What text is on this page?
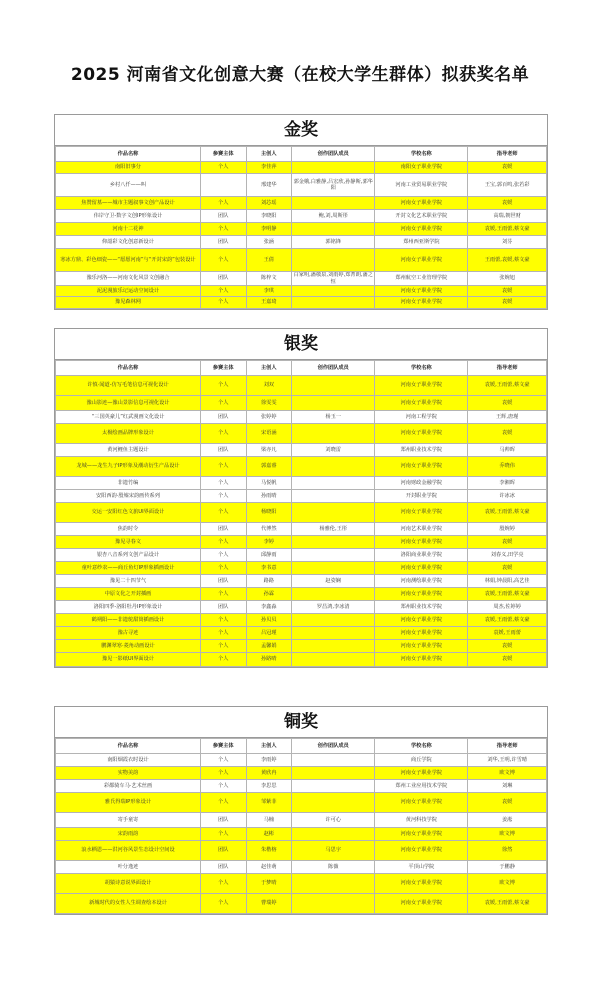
2025 河南省文化创意大赛（在校大学生群体）拟获奖名单
金奖
作品名称	参赛主体	主创人	创作团队成员	学校名称	指导老师
南阳旧事分	个人	李佳萍		南阳女子职业学院	袁媛
乡村八仟——叫		邢建华	郭金娥,白雅静,吕宏欣,孙静斯,郭华阳	河南工业贸易职业学院	王宝,郭百鸣,张若彩
焦赞留墓——城市主题叙事文创产品设计	个人	刘芯瑶		河南女子职业学院	袁媛
伟岸守卫-数字文创IP形象设计	团队	李晓阳	鲍,刘,周斯彤	开封文化艺术职业学院	高瑞,朝世财
河南十二花神	个人	李明静		河南女子职业学院	袁媛,王雨蕾,蔡文豪
仰韶彩文化创意新设计	团队	张涵	郭铭锋	郑州西亚斯学院	刘芬
寒冰方鼎、彩色细瓷——“愿愿河南”与“开封宋韵”包装设计	个人	王倩		河南女子职业学院	王雨蕾,袁媛,蔡文豪
豫乐河洛——河南文化风景文创融合	团队	陈梓文	白家明,潘敬泉,刘雨婷,郑菁朗,潘之恒	郑州航空工业管理学院	张婉旭
泥泥漫旅乐记运动空间设计	个人	李琪		河南女子职业学院	袁媛
豫见森林网	个人	王嘉琦		河南女子职业学院	袁媛
银奖
作品名称	参赛主体	主创人	创作团队成员	学校名称	指导老师
许慎·闻道-仿写毛笔信息可视化设计	个人	刘双		河南女子职业学院	袁媛,王雨蕾,蔡文豪
豫山影迹—豫山景影信息可视化设计	个人	徐雯雯		河南女子职业学院	袁媛
“三国英豪儿”红武漫画文化设计	团队	张婷婷	杨玉一	河南工程学院	王辉,唐瑾
太极绘画品牌形象设计	个人	宋语涵		河南女子职业学院	袁媛
黄河鲤鱼主题设计	团队	梁亦凡	刘晓雷	郑州职业技术学院	马帅晖
龙城——龙生九子IP形象及潮动衍生产品设计	个人	郭嘉睿		河南女子职业学院	乔晓伟
非遗竹编	个人	马悦帆		河南财政金融学院	李湘晖
安阳西韵·殷墟宋韵画传系列	个人	孙雨晴		开封职业学院	许冰冰
交运一安阳红色文旅UI界面设计	个人	杨晓阳		河南女子职业学院	袁媛,王雨蕾,蔡文豪
焦韵时令	团队	代博然	杨雅伦,王彤	河南艺术职业学院	殷婉婷
豫见寻春文	个人	李婷		河南女子职业学院	袁媛
银杏八音系列文创产品设计	个人	邱静雨		洛阳商业职业学院	刘春义,田学亮
童叶意纱农——商丘鱼灯IP形象插画设计	个人	李书意		河南女子职业学院	袁媛
豫见二十四节气	团队	路路	赵姿娴	河南测绘职业学院	林娟,钟晨阳,高艺佳
中原文化之开封插画	个人	孙霖		河南女子职业学院	袁媛,王雨蕾,蔡文豪
洛阳四季-洛阳牡丹IP形象设计	团队	李鑫淼	罗昌鸿,李冰清	郑州职业技术学院	周杰,佐婷婷
鹤朔阳——非遗鸵甜筒插画设计	个人	孙贝贝		河南女子职业学院	袁媛,王雨蕾,蔡文豪
豫古寻迹	个人	吕冠瑾		河南女子职业学院	袁媛,王雨蕾
鹏渊翠寒·菱角动画设计	个人	孟馨娟		河南女子职业学院	袁媛
豫见一影纸UI界面设计	个人	孙路晴		河南女子职业学院	袁媛
铜奖
作品名称	参赛主体	主创人	创作团队成员	学校名称	指导老师
南阳烟霞衣时设计	个人	李雨婷		商丘学院	刘华,王明,许雪晴
实物美韵	个人	黄欣冉		河南女子职业学院	欧文博
彩都骑车马·艺术丝画	个人	李思思		郑州工业应用技术学院	刘琳
雅氏得瑞IP形象设计	个人	邹紫菲		河南女子职业学院	袁媛
寄手童寄	团队	马楠	许可心	黄河科技学院	姜淞
宋韵雨韵	个人	赵彬		河南女子职业学院	欧文博
浪水栖恩——洪河谷风景生态设计空间设	团队	朱楷榕	马思宇	河南女子职业学院	徐然
叶分逸迹	团队	赵佳萌	陈薇	平顶山学院	于鹏静
胡猿诗意说界面设计	个人	于梦晴		河南女子职业学院	欧文博
新城时代的女性人生调查绘本设计	个人	曹瑞婷		河南女子职业学院	袁媛,王雨蕾,蔡文豪
